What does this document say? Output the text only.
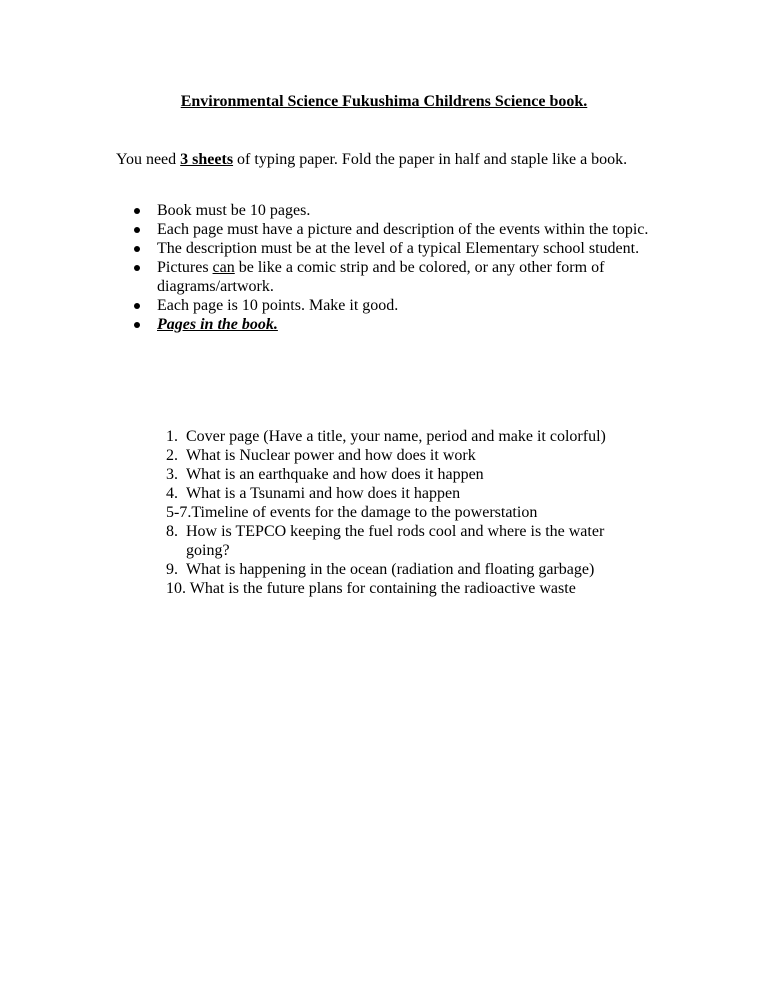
Environmental Science Fukushima Childrens Science book.
You need 3 sheets of typing paper. Fold the paper in half and staple like a book.
Book must be 10 pages.
Each page must have a picture and description of the events within the topic.
The description must be at the level of a typical Elementary school student.
Pictures can be like a comic strip and be colored, or any other form of diagrams/artwork.
Each page is 10 points. Make it good.
Pages in the book.
1. Cover page (Have a title, your name, period and make it colorful)
2. What is Nuclear power and how does it work
3. What is an earthquake and how does it happen
4. What is a Tsunami and how does it happen
5-7.Timeline of events for the damage to the powerstation
8. How is TEPCO keeping the fuel rods cool and where is the water going?
9. What is happening in the ocean (radiation and floating garbage)
10. What is the future plans for containing the radioactive waste
